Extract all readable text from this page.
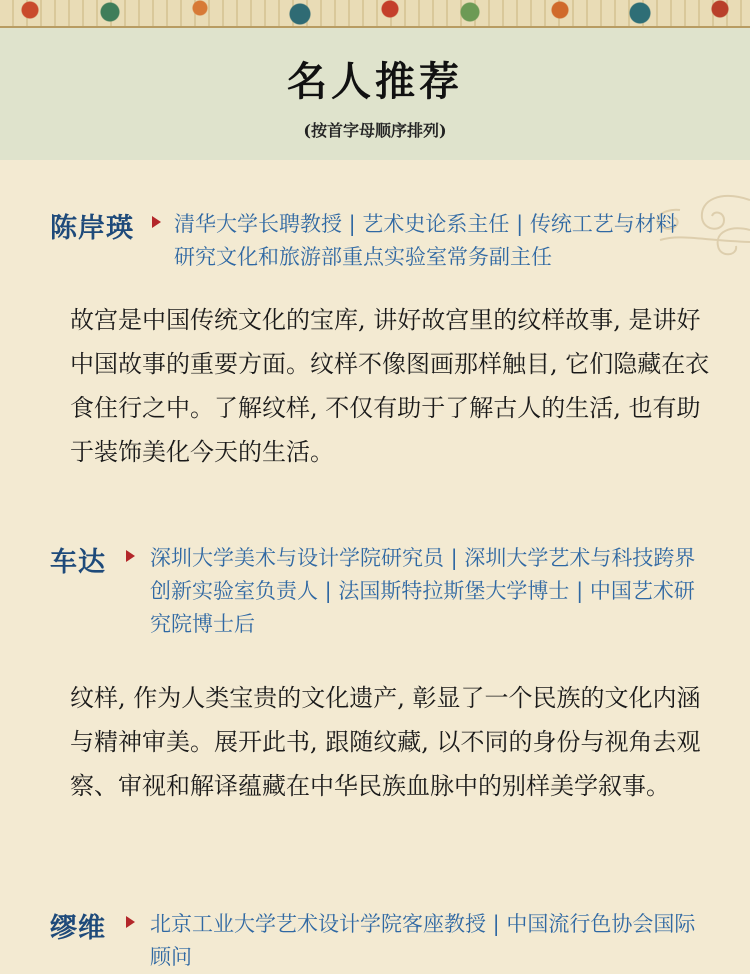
名人推荐
(按首字母顺序排列)
陈岸瑛 清华大学长聘教授 | 艺术史论系主任 | 传统工艺与材料研究文化和旅游部重点实验室常务副主任
故宫是中国传统文化的宝库, 讲好故宫里的纹样故事, 是讲好中国故事的重要方面。纹样不像图画那样触目, 它们隐藏在衣食住行之中。了解纹样, 不仅有助于了解古人的生活, 也有助于装饰美化今天的生活。
车达 深圳大学美术与设计学院研究员 | 深圳大学艺术与科技跨界创新实验室负责人 | 法国斯特拉斯堡大学博士 | 中国艺术研究院博士后
纹样, 作为人类宝贵的文化遗产, 彰显了一个民族的文化内涵与精神审美。展开此书, 跟随纹藏, 以不同的身份与视角去观察、审视和解译蕴藏在中华民族血脉中的别样美学叙事。
缪维 北京工业大学艺术设计学院客座教授 | 中国流行色协会国际顾问
